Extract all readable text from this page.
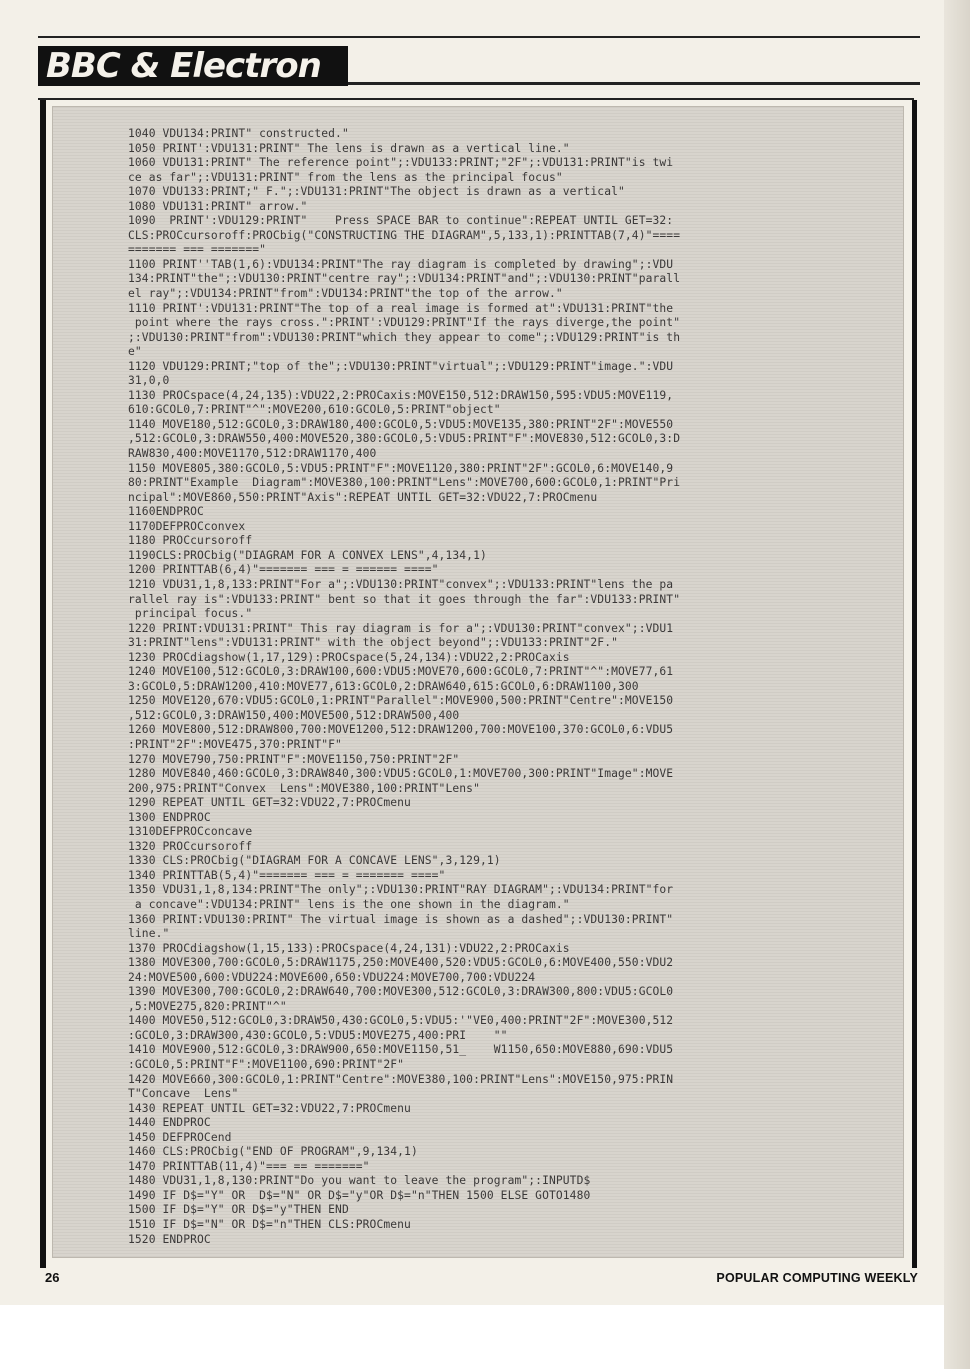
BBC & Electron
1040 VDU134:PRINT" constructed."
1050 PRINT':VDU131:PRINT" The lens is drawn as a vertical line."
1060 VDU131:PRINT" The reference point";:VDU133:PRINT;"2F";:VDU131:PRINT"is twi
ce as far";:VDU131:PRINT" from the lens as the principal focus"
1070 VDU133:PRINT;" F.";:VDU131:PRINT"The object is drawn as a vertical"
1080 VDU131:PRINT" arrow."
1090  PRINT':VDU129:PRINT"    Press SPACE BAR to continue":REPEAT UNTIL GET=32:
CLS:PROCcursoroff:PROCbig("CONSTRUCTING THE DIAGRAM",5,133,1):PRINTTAB(7,4)"====
======= === ======="
1100 PRINT''TAB(1,6):VDU134:PRINT"The ray diagram is completed by drawing";:VDU
134:PRINT"the";:VDU130:PRINT"centre ray";:VDU134:PRINT"and";:VDU130:PRINT"parall
el ray";:VDU134:PRINT"from":VDU134:PRINT"the top of the arrow."
1110 PRINT':VDU131:PRINT"The top of a real image is formed at":VDU131:PRINT"the
point where the rays cross.":PRINT':VDU129:PRINT"If the rays diverge,the point"
;:VDU130:PRINT"from":VDU130:PRINT"which they appear to come";:VDU129:PRINT"is th
e"
1120 VDU129:PRINT;"top of the";:VDU130:PRINT"virtual";:VDU129:PRINT"image.":VDU
31,0,0
1130 PROCspace(4,24,135):VDU22,2:PROCaxis:MOVE150,512:DRAW150,595:VDU5:MOVE119,
610:GCOL0,7:PRINT"^":MOVE200,610:GCOL0,5:PRINT"object"
1140 MOVE180,512:GCOL0,3:DRAW180,400:GCOL0,5:VDU5:MOVE135,380:PRINT"2F":MOVE550
,512:GCOL0,3:DRAW550,400:MOVE520,380:GCOL0,5:VDU5:PRINT"F":MOVE830,512:GCOL0,3:D
RAW830,400:MOVE1170,512:DRAW1170,400
1150 MOVE805,380:GCOL0,5:VDU5:PRINT"F":MOVE1120,380:PRINT"2F":GCOL0,6:MOVE140,9
80:PRINT"Example  Diagram":MOVE380,100:PRINT"Lens":MOVE700,600:GCOL0,1:PRINT"Pri
ncipal":MOVE860,550:PRINT"Axis":REPEAT UNTIL GET=32:VDU22,7:PROCmenu
1160ENDPROC
1170DEFPROCconvex
1180 PROCcursoroff
1190CLS:PROCbig("DIAGRAM FOR A CONVEX LENS",4,134,1)
1200 PRINTTAB(6,4)"======= === = ====== ===="
1210 VDU31,1,8,133:PRINT"For a";:VDU130:PRINT"convex";:VDU133:PRINT"lens the pa
rallel ray is":VDU133:PRINT" bent so that it goes through the far":VDU133:PRINT"
principal focus."
1220 PRINT:VDU131:PRINT" This ray diagram is for a";:VDU130:PRINT"convex";:VDU1
31:PRINT"lens":VDU131:PRINT" with the object beyond";:VDU133:PRINT"2F."
1230 PROCdiagshow(1,17,129):PROCspace(5,24,134):VDU22,2:PROCaxis
1240 MOVE100,512:GCOL0,3:DRAW100,600:VDU5:MOVE70,600:GCOL0,7:PRINT"^":MOVE77,61
3:GCOL0,5:DRAW1200,410:MOVE77,613:GCOL0,2:DRAW640,615:GCOL0,6:DRAW1100,300
1250 MOVE120,670:VDU5:GCOL0,1:PRINT"Parallel":MOVE900,500:PRINT"Centre":MOVE150
,512:GCOL0,3:DRAW150,400:MOVE500,512:DRAW500,400
1260 MOVE800,512:DRAW800,700:MOVE1200,512:DRAW1200,700:MOVE100,370:GCOL0,6:VDU5
:PRINT"2F":MOVE475,370:PRINT"F"
1270 MOVE790,750:PRINT"F":MOVE1150,750:PRINT"2F"
1280 MOVE840,460:GCOL0,3:DRAW840,300:VDU5:GCOL0,1:MOVE700,300:PRINT"Image":MOVE
200,975:PRINT"Convex  Lens":MOVE380,100:PRINT"Lens"
1290 REPEAT UNTIL GET=32:VDU22,7:PROCmenu
1300 ENDPROC
1310DEFPROCconcave
1320 PROCcursoroff
1330 CLS:PROCbig("DIAGRAM FOR A CONCAVE LENS",3,129,1)
1340 PRINTTAB(5,4)"======= === = ======= ===="
1350 VDU31,1,8,134:PRINT"The only";:VDU130:PRINT"RAY DIAGRAM";:VDU134:PRINT"for
a concave":VDU134:PRINT" lens is the one shown in the diagram."
1360 PRINT:VDU130:PRINT" The virtual image is shown as a dashed";:VDU130:PRINT"
line."
1370 PROCdiagshow(1,15,133):PROCspace(4,24,131):VDU22,2:PROCaxis
1380 MOVE300,700:GCOL0,5:DRAW1175,250:MOVE400,520:VDU5:GCOL0,6:MOVE400,550:VDU2
24:MOVE500,600:VDU224:MOVE600,650:VDU224:MOVE700,700:VDU224
1390 MOVE300,700:GCOL0,2:DRAW640,700:MOVE300,512:GCOL0,3:DRAW300,800:VDU5:GCOL0
,5:MOVE275,820:PRINT"^"
1400 MOVE50,512:GCOL0,3:DRAW50,430:GCOL0,5:VDU5:'"VE0,400:PRINT"2F":MOVE300,512
:GCOL0,3:DRAW300,430:GCOL0,5:VDU5:MOVE275,400:PRI    ""
1410 MOVE900,512:GCOL0,3:DRAW900,650:MOVE1150,51_    W1150,650:MOVE880,690:VDU5
:GCOL0,5:PRINT"F":MOVE1100,690:PRINT"2F"
1420 MOVE660,300:GCOL0,1:PRINT"Centre":MOVE380,100:PRINT"Lens":MOVE150,975:PRIN
T"Concave  Lens"
1430 REPEAT UNTIL GET=32:VDU22,7:PROCmenu
1440 ENDPROC
1450 DEFPROCend
1460 CLS:PROCbig("END OF PROGRAM",9,134,1)
1470 PRINTTAB(11,4)"=== == ======="
1480 VDU31,1,8,130:PRINT"Do you want to leave the program";:INPUTD$
1490 IF D$="Y" OR  D$="N" OR D$="y"OR D$="n"THEN 1500 ELSE GOTO1480
1500 IF D$="Y" OR D$="y"THEN END
1510 IF D$="N" OR D$="n"THEN CLS:PROCmenu
1520 ENDPROC
26	POPULAR COMPUTING WEEKLY
